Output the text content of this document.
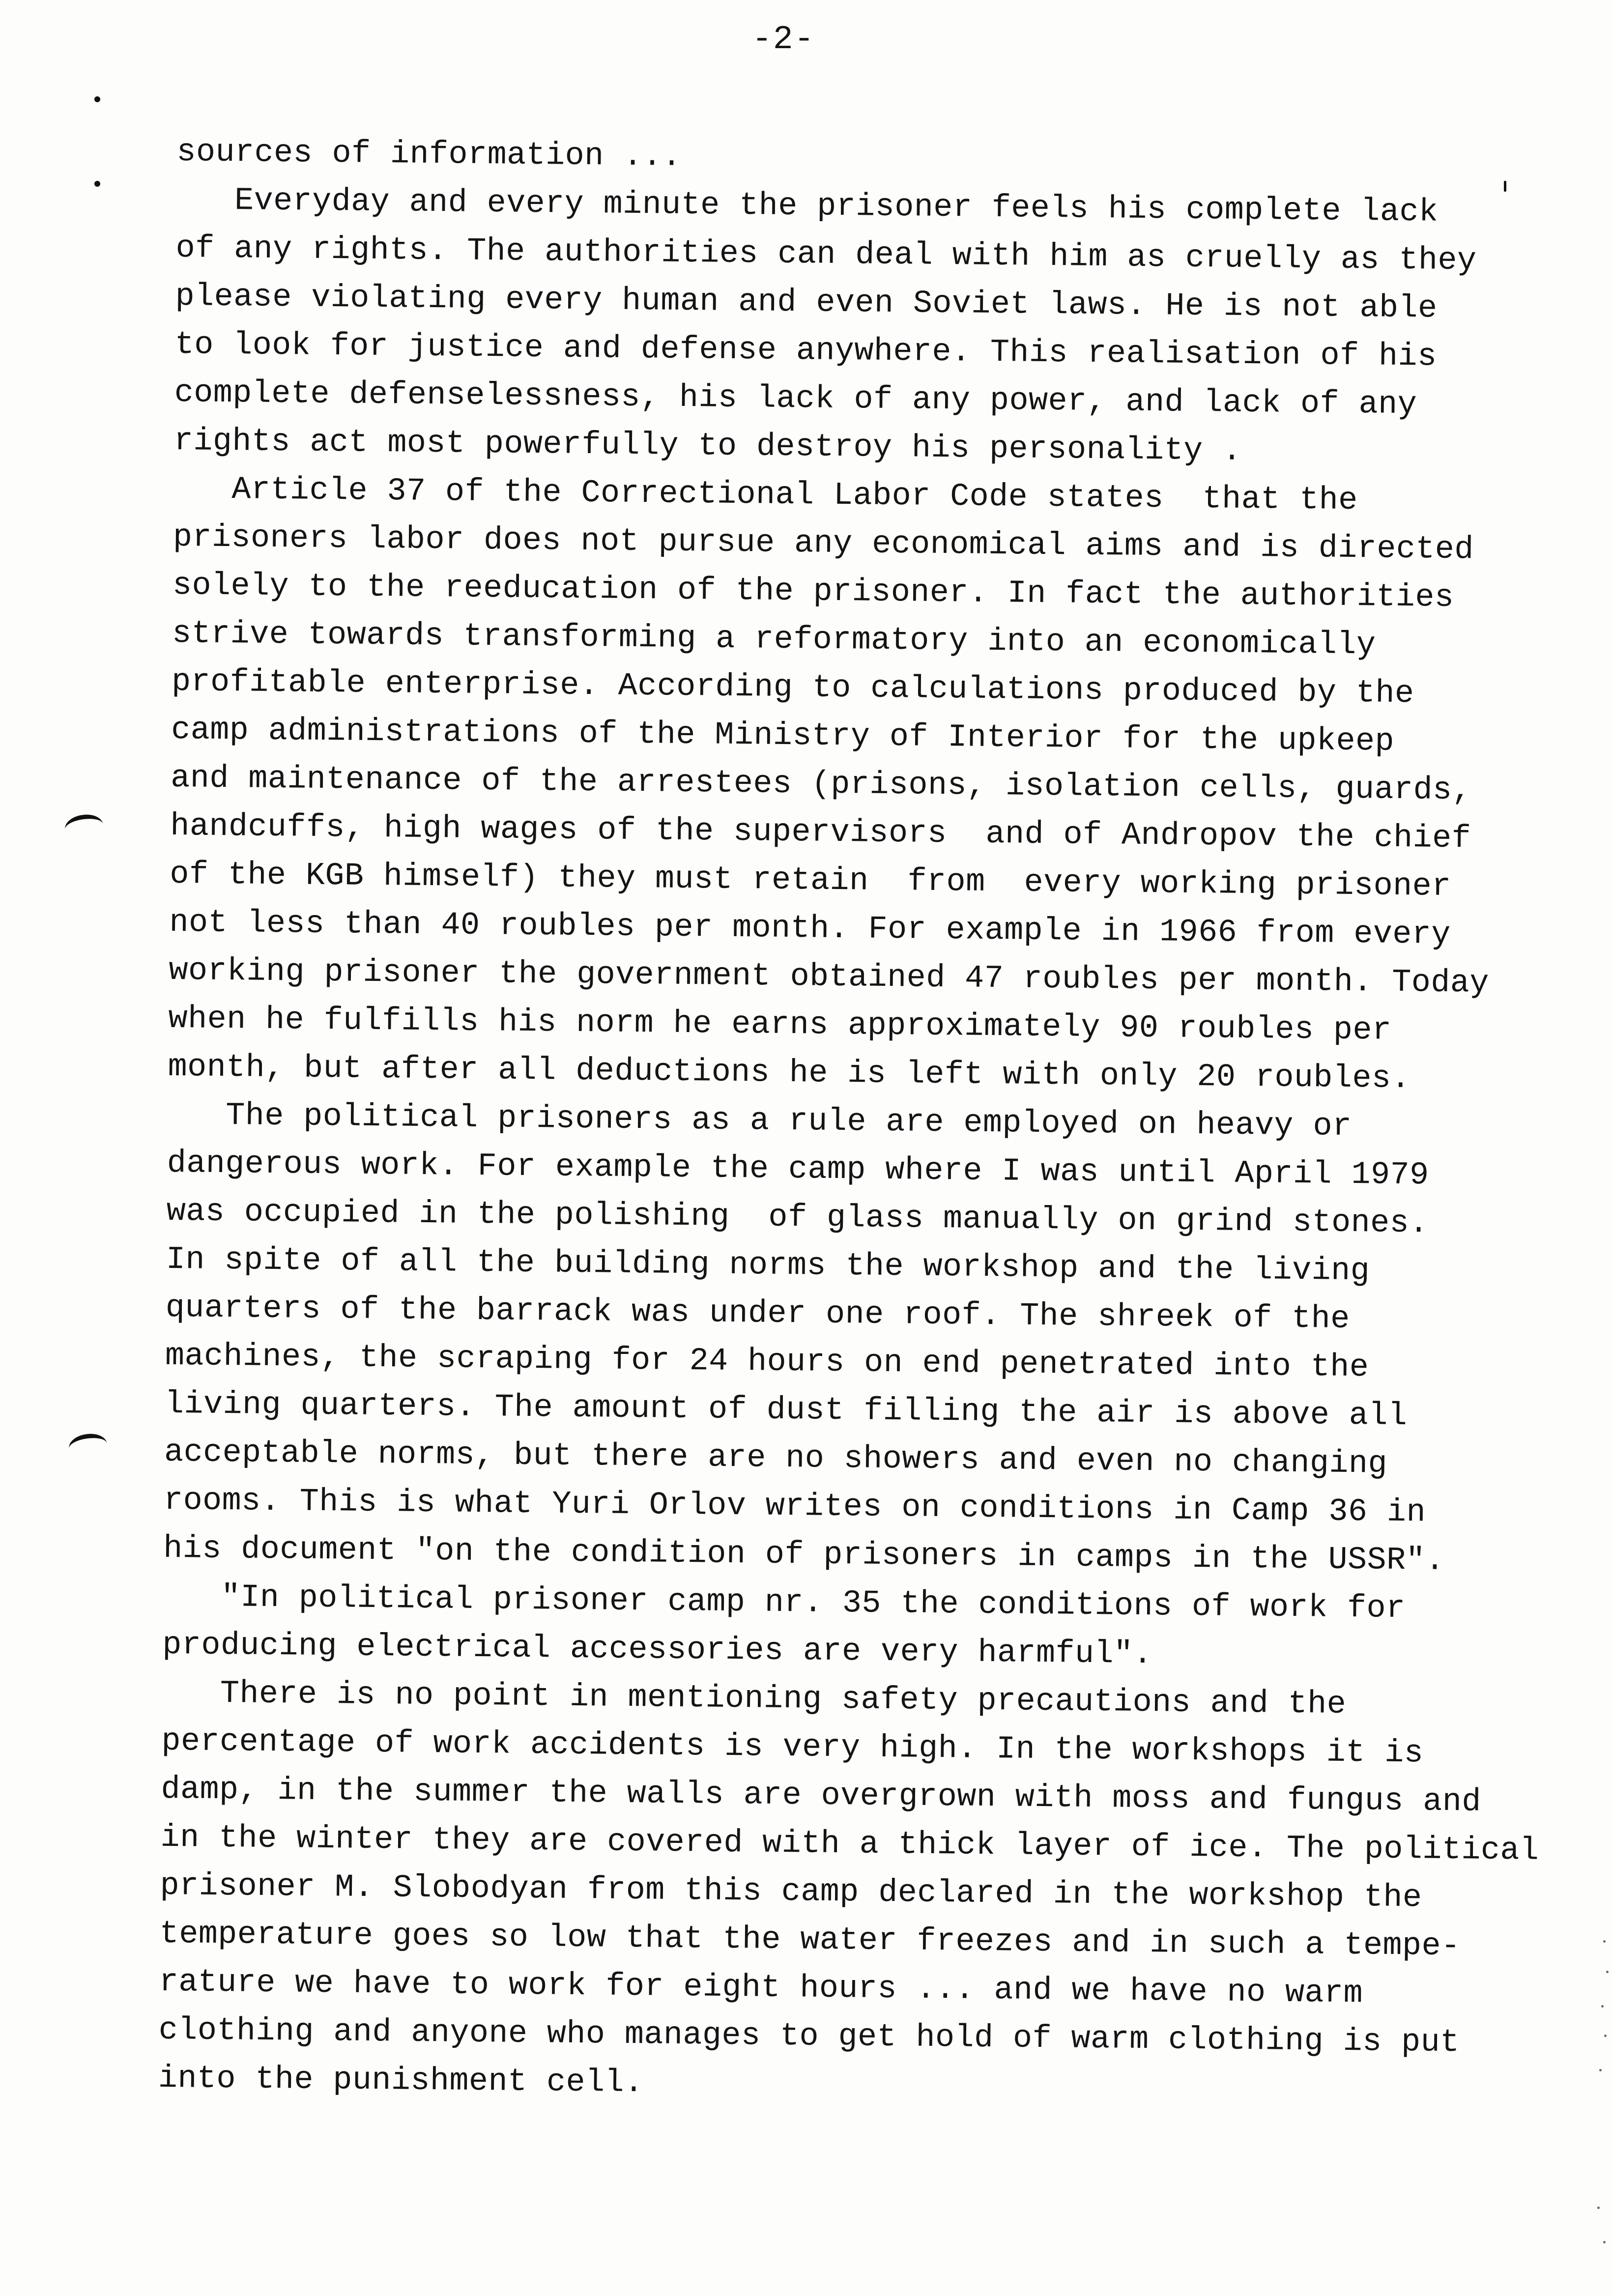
-2-
sources of information ...
Everyday and every minute the prisoner feels his complete lack
of any rights. The authorities can deal with him as cruelly as they
please violating every human and even Soviet laws. He is not able
to look for justice and defense anywhere. This realisation of his
complete defenselessness, his lack of any power, and lack of any
rights act most powerfully to destroy his personality .
Article 37 of the Correctional Labor Code states  that the
prisoners labor does not pursue any economical aims and is directed
solely to the reeducation of the prisoner. In fact the authorities
strive towards transforming a reformatory into an economically
profitable enterprise. According to calculations produced by the
camp administrations of the Ministry of Interior for the upkeep
and maintenance of the arrestees (prisons, isolation cells, guards,
handcuffs, high wages of the supervisors  and of Andropov the chief
of the KGB himself) they must retain  from  every working prisoner
not less than 40 roubles per month. For example in 1966 from every
working prisoner the government obtained 47 roubles per month. Today
when he fulfills his norm he earns approximately 90 roubles per
month, but after all deductions he is left with only 20 roubles.
The political prisoners as a rule are employed on heavy or
dangerous work. For example the camp where I was until April 1979
was occupied in the polishing  of glass manually on grind stones.
In spite of all the building norms the workshop and the living
quarters of the barrack was under one roof. The shreek of the
machines, the scraping for 24 hours on end penetrated into the
living quarters. The amount of dust filling the air is above all
acceptable norms, but there are no showers and even no changing
rooms. This is what Yuri Orlov writes on conditions in Camp 36 in
his document "on the condition of prisoners in camps in the USSR".
"In political prisoner camp nr. 35 the conditions of work for
producing electrical accessories are very harmful".
There is no point in mentioning safety precautions and the
percentage of work accidents is very high. In the workshops it is
damp, in the summer the walls are overgrown with moss and fungus and
in the winter they are covered with a thick layer of ice. The political
prisoner M. Slobodyan from this camp declared in the workshop the
temperature goes so low that the water freezes and in such a tempe-
rature we have to work for eight hours ... and we have no warm
clothing and anyone who manages to get hold of warm clothing is put
into the punishment cell.
